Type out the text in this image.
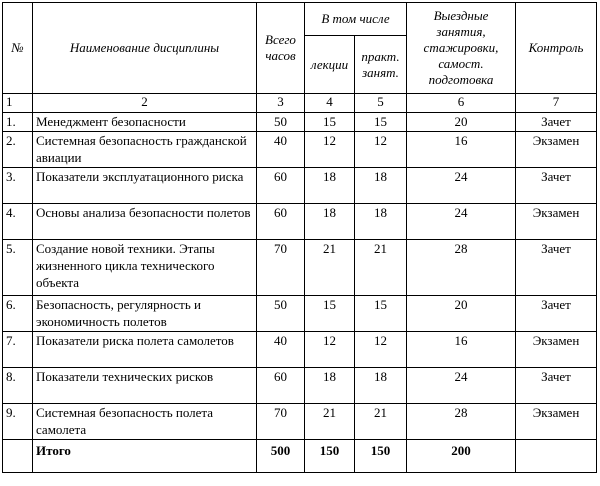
№	Наименование дисциплины	Всего часов	В том числе		Выездные занятия, стажировки, самост. подготовка	Контроль
			лекции	практ. занят.		
1	2	3	4	5	6	7
1.	Менеджмент безопасности	50	15	15	20	Зачет
2.	Системная безопасность гражданской авиации	40	12	12	16	Экзамен
3.	Показатели эксплуатационного риска	60	18	18	24	Зачет
4.	Основы анализа безопасности полетов	60	18	18	24	Экзамен
5.	Создание новой техники. Этапы жизненного цикла технического объекта	70	21	21	28	Зачет
6.	Безопасность, регулярность и экономичность полетов	50	15	15	20	Зачет
7.	Показатели риска полета самолетов	40	12	12	16	Экзамен
8.	Показатели технических рисков	60	18	18	24	Зачет
9.	Системная безопасность полета самолета	70	21	21	28	Экзамен
	Итого	500	150	150	200	
